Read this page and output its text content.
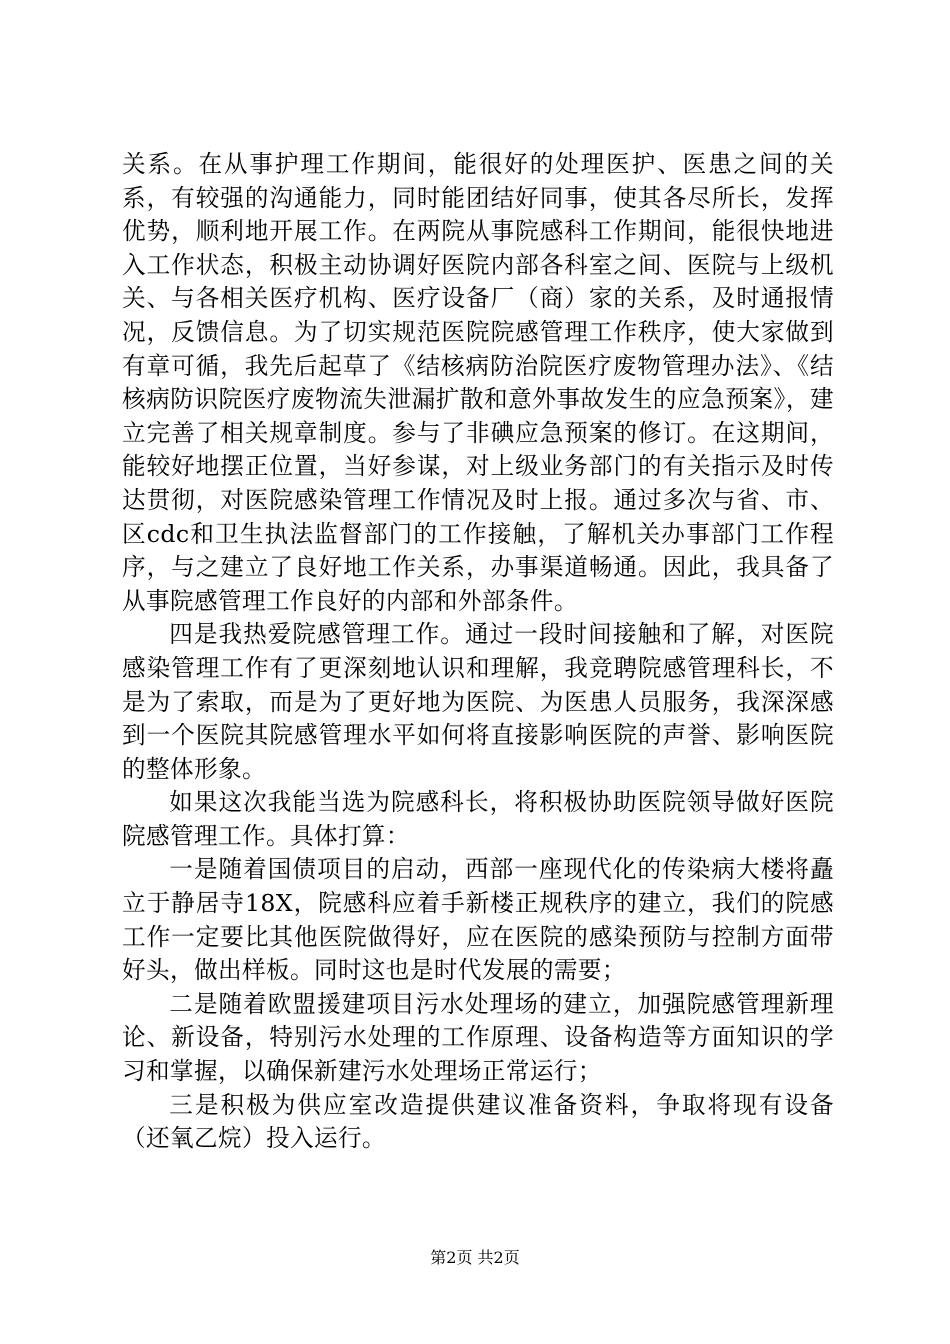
关系。在从事护理工作期间，能很好的处理医护、医患之间的关系，有较强的沟通能力，同时能团结好同事，使其各尽所长，发挥优势，顺利地开展工作。在两院从事院感科工作期间，能很快地进入工作状态，积极主动协调好医院内部各科室之间、医院与上级机关、与各相关医疗机构、医疗设备厂（商）家的关系，及时通报情况，反馈信息。为了切实规范医院院感管理工作秩序，使大家做到有章可循，我先后起草了《结核病防治院医疗废物管理办法》、《结核病防识院医疗废物流失泄漏扩散和意外事故发生的应急预案》，建立完善了相关规章制度。参与了非碘应急预案的修订。在这期间，能较好地摆正位置，当好参谋，对上级业务部门的有关指示及时传达贯彻，对医院感染管理工作情况及时上报。通过多次与省、市、区cdc和卫生执法监督部门的工作接触，了解机关办事部门工作程序，与之建立了良好地工作关系，办事渠道畅通。因此，我具备了从事院感管理工作良好的内部和外部条件。

四是我热爱院感管理工作。通过一段时间接触和了解，对医院感染管理工作有了更深刻地认识和理解，我竞聘院感管理科长，不是为了索取，而是为了更好地为医院、为医患人员服务，我深深感到一个医院其院感管理水平如何将直接影响医院的声誉、影响医院的整体形象。

如果这次我能当选为院感科长，将积极协助医院领导做好医院院感管理工作。具体打算：

一是随着国债项目的启动，西部一座现代化的传染病大楼将矗立于静居寺18X，院感科应着手新楼正规秩序的建立，我们的院感工作一定要比其他医院做得好，应在医院的感染预防与控制方面带好头，做出样板。同时这也是时代发展的需要；

二是随着欧盟援建项目污水处理场的建立，加强院感管理新理论、新设备，特别污水处理的工作原理、设备构造等方面知识的学习和掌握，以确保新建污水处理场正常运行；

三是积极为供应室改造提供建议准备资料，争取将现有设备（还氧乙烷）投入运行。

第2页 共2页
